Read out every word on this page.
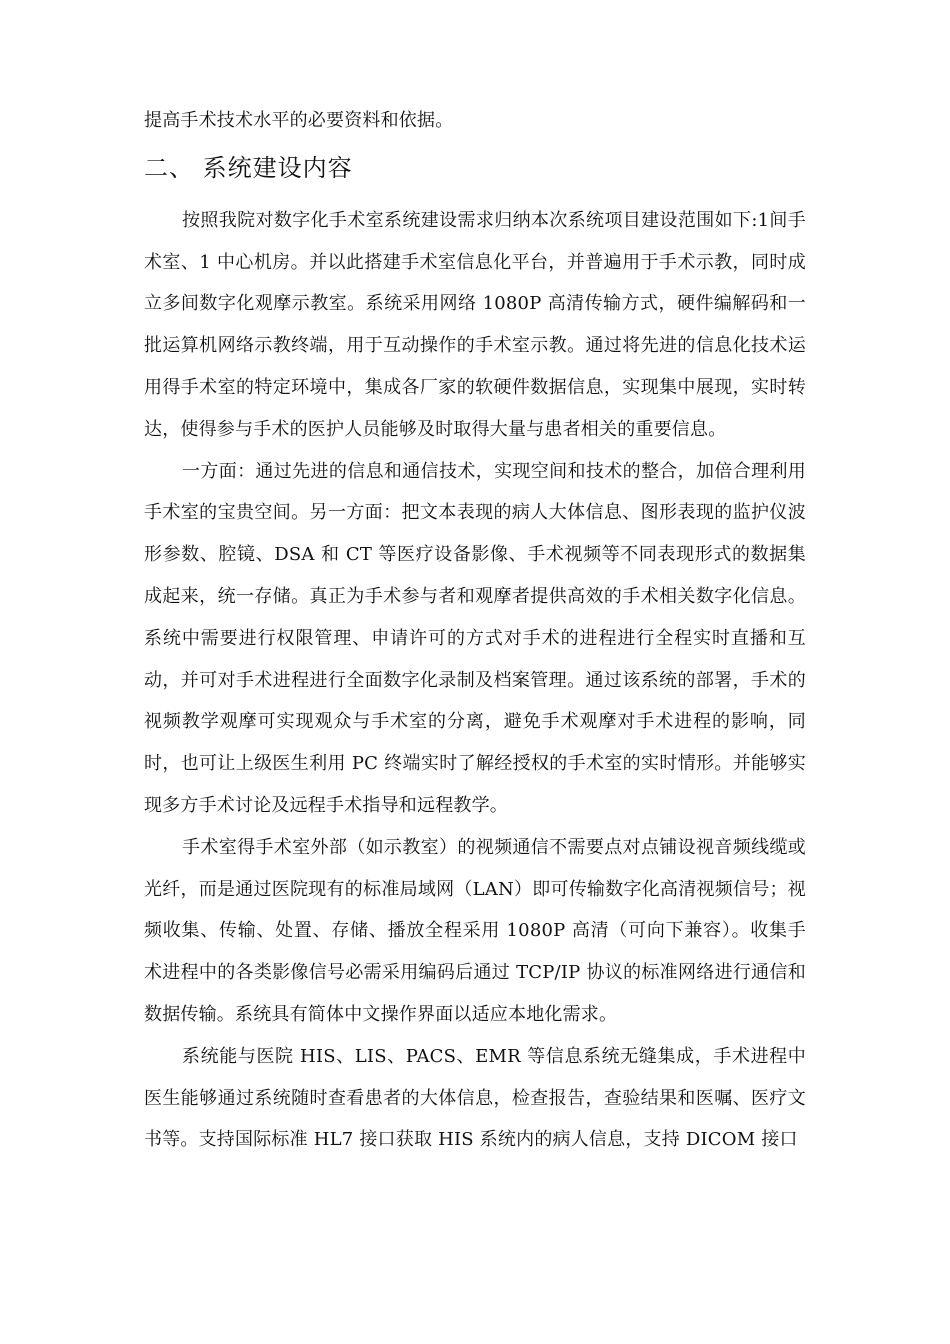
提高手术技术水平的必要资料和依据。

二、 系统建设内容

按照我院对数字化手术室系统建设需求归纳本次系统项目建设范围如下:1间手术室、1 中心机房。并以此搭建手术室信息化平台，并普遍用于手术示教，同时成立多间数字化观摩示教室。系统采用网络 1080P 高清传输方式，硬件编解码和一批运算机网络示教终端，用于互动操作的手术室示教。通过将先进的信息化技术运用得手术室的特定环境中，集成各厂家的软硬件数据信息，实现集中展现，实时转达，使得参与手术的医护人员能够及时取得大量与患者相关的重要信息。

一方面：通过先进的信息和通信技术，实现空间和技术的整合，加倍合理利用手术室的宝贵空间。另一方面：把文本表现的病人大体信息、图形表现的监护仪波形参数、腔镜、DSA 和 CT 等医疗设备影像、手术视频等不同表现形式的数据集成起来，统一存储。真正为手术参与者和观摩者提供高效的手术相关数字化信息。系统中需要进行权限管理、申请许可的方式对手术的进程进行全程实时直播和互动，并可对手术进程进行全面数字化录制及档案管理。通过该系统的部署，手术的视频教学观摩可实现观众与手术室的分离，避免手术观摩对手术进程的影响，同时，也可让上级医生利用 PC 终端实时了解经授权的手术室的实时情形。并能够实现多方手术讨论及远程手术指导和远程教学。

手术室得手术室外部（如示教室）的视频通信不需要点对点铺设视音频线缆或光纤，而是通过医院现有的标准局域网（LAN）即可传输数字化高清视频信号；视频收集、传输、处置、存储、播放全程采用 1080P 高清（可向下兼容）。收集手术进程中的各类影像信号必需采用编码后通过 TCP/IP 协议的标准网络进行通信和数据传输。系统具有简体中文操作界面以适应本地化需求。

系统能与医院 HIS、LIS、PACS、EMR 等信息系统无缝集成，手术进程中医生能够通过系统随时查看患者的大体信息，检查报告，查验结果和医嘱、医疗文书等。支持国际标准 HL7 接口获取 HIS 系统内的病人信息，支持 DICOM 接口
